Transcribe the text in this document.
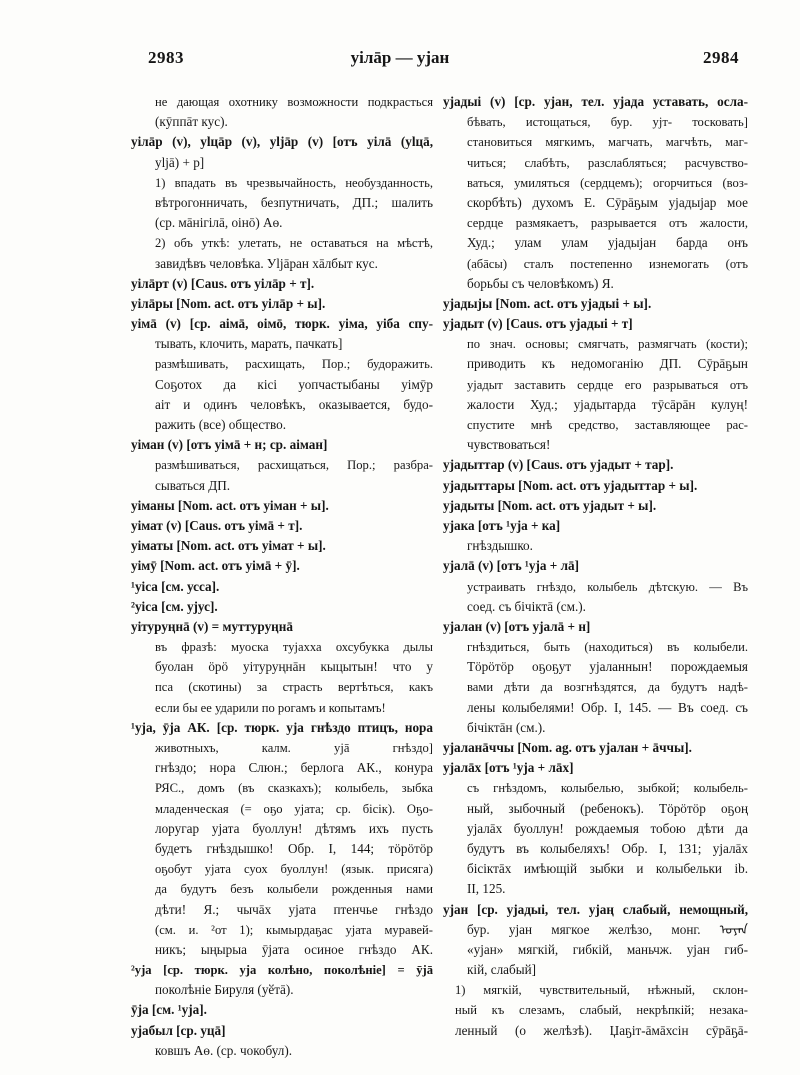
2983	уiлāр — уjан	2984
не дающая охотнику возможности подкрасться
(кӯппāт кус).
уiлāр (v), уlцāр (v), уljāр (v) [отъ уiлā (уlцā,
уljā) + р]
1) впадать въ чрезвычайность, необузданность,
вѣтрогонничать, безпутничать, ДП.; шалить
(ср. мāнiгiлā, оiнō) Аѳ.
2) объ уткѣ: улетать, не оставаться на мѣстѣ,
завидѣвъ человѣка. Уlјāран хāлбыт кус.
уiлāрт (v) [Caus. отъ уiлāр + т].
уiлāры [Nom. act. отъ уiлāр + ы].
уiмā (v) [ср. аiмā, оiмō, тюрк. уiма, уiба спу-
тывать, клочить, марать, пачкать]
размѣшивать, расхищать, Пор.; будоражить.
Соҕотох да кiсi уопчастыбаны уiмӯр
аiт и одинъ человѣкъ, оказывается, будо-
ражить (все) общество.
уiман (v) [отъ уiмā + н; ср. аiман]
размѣшиваться, расхищаться, Пор.; разбра-
сываться ДП.
уiманы [Nom. act. отъ уiман + ы].
уiмат (v) [Caus. отъ уiмā + т].
уiматы [Nom. act. отъ уiмат + ы].
уiмӯ [Nom. act. отъ уiмā + ӯ].
¹уiса [см. усса].
²уiса [см. уjус].
уiтуруңнā (v) = муттуруңнā
въ фразѣ: муоска туjахха охсубукка дылы
буолан ӧрӧ уiтуруңнāн кыцытын! что у
пса (скотины) за страсть вертѣться, какъ
если бы ее ударили по рогамъ и копытамъ!
¹уjа, ӯjа АК. [ср. тюрк. уjа гнѣздо птицъ, нора
животныхъ, калм. уjā гнѣздо]
гнѣздо; нора Слюн.; берлога АК., конура
РЯС., домъ (въ сказкахъ); колыбель, зыбка
младенческая (= оҕо уjата; ср. бiсiк). Оҕо-
лоругар уjата буоллун! дѣтямъ ихъ пусть
будетъ гнѣздышко! Обр. I, 144; тӧрӧтӧр
оҕобут уjата суох буоллун! (язык. присяга)
да будутъ безъ колыбели рожденныя нами
дѣти! Я.; чычāх уjата птенчье гнѣздо
(см. и. ²от 1); кымырдаҕас уjата муравей-
никъ; ыңырыа ӯjата осиное гнѣздо АК.
²уjа [ср. тюрк. уjа колѣно, поколѣнiе] = ӯjā
поколѣнiе Бируля (уӗтā).
ӯjа [см. ¹уjа].
уjабыл [ср. уцā]
ковшъ Аѳ. (ср. чокобул).
уjадыi (v) [ср. уjан, тел. уjада уставать, осла-
бѣвать, истощаться, бур. уjт- тосковать]
становиться мягкимъ, магчать, магчѣть, маг-
читься; слабѣть, разслабляться; расчувство-
ваться, умиляться (сердцемъ); огорчиться (воз-
скорбѣть) духомъ Е. Сӯрāҕым уjадыjар мое
сердце размякаетъ, разрывается отъ жалости,
Худ.; улам улам уjадыjан барда онъ
(абāсы) сталъ постепенно изнемогать (отъ
борьбы съ человѣкомъ) Я.
уjадыjы [Nom. act. отъ уjадыi + ы].
уjадыт (v) [Caus. отъ уjадыi + т]
по знач. основы; смягчать, размягчать (кости);
приводить къ недомоганiю ДП. Сӯрāҕын
уjадыт заставить сердце его разрываться отъ
жалости Худ.; уjадытарда тӯсāрāн кулуң!
спустите мнѣ средство, заставляющее рас-
чувствоваться!
уjадыттар (v) [Caus. отъ уjадыт + тар].
уjадыттары [Nom. act. отъ уjадыттар + ы].
уjадыты [Nom. act. отъ уjадыт + ы].
уjака [отъ ¹уjа + ка]
гнѣздышко.
уjалā (v) [отъ ¹уjа + лā]
устраивать гнѣздо, колыбель дѣтскую. — Въ
соед. съ бiчiктā (см.).
уjалан (v) [отъ уjалā + н]
гнѣздиться, быть (находиться) въ колыбели.
Тӧрӧтӧр оҕоҕут уjаланнын! порождаемыя
вами дѣти да возгнѣздятся, да будутъ надѣ-
лены колыбелями! Обр. I, 145. — Въ соед. съ
бiчiктāн (см.).
уjаланāччы [Nom. ag. отъ уjалан + āччы].
уjалāх [отъ ¹уjа + лāх]
съ гнѣздомъ, колыбелью, зыбкой; колыбель-
ный, зыбочный (ребенокъ). Тӧрӧтӧр оҕоң
уjалāх буоллун! рождаемыя тобою дѣти да
будутъ въ колыбеляхъ! Обр. I, 131; уjалāх
бiсiктāх имѣющiй зыбки и колыбельки ib.
II, 125.
уjан [ср. уjадыi, тел. уjаң слабый, немощный,
бур. уjан мягкое желѣзо, монг. ᠤᠶᠠᠨ
«уjан» мягкiй, гибкiй, маньчж. уjан гиб-
кiй, слабый]
1) мягкiй, чувствительный, нѣжный, склон-
ный къ слезамъ, слабый, некрѣпкiй; незака-
ленный (о желѣзѣ). Џаҕiт-āмāхсiн сӯрāҕā-
